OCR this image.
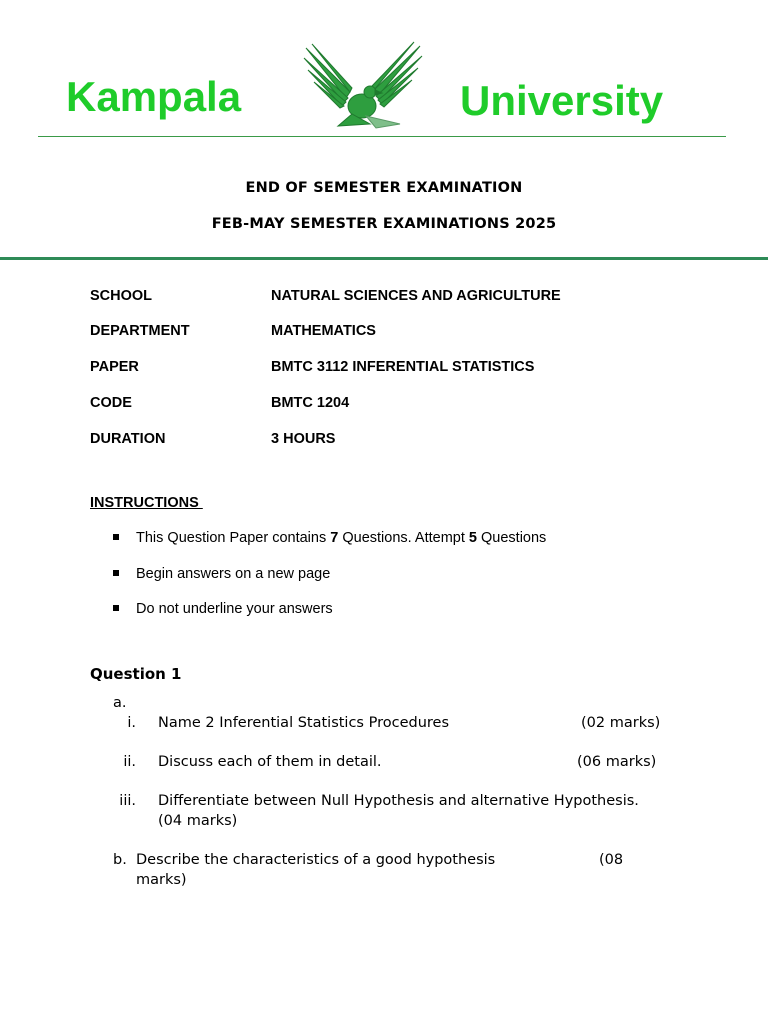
Kampala	University
END OF SEMESTER EXAMINATION
FEB-MAY SEMESTER EXAMINATIONS 2025
SCHOOL	NATURAL SCIENCES AND AGRICULTURE
DEPARTMENT	MATHEMATICS
PAPER	BMTC 3112 INFERENTIAL STATISTICS
CODE	BMTC 1204
DURATION	3 HOURS
INSTRUCTIONS
This Question Paper contains 7 Questions. Attempt 5 Questions
Begin answers on a new page
Do not underline your answers
Question 1
a.
i. Name 2 Inferential Statistics Procedures	(02 marks)
ii. Discuss each of them in detail.	(06 marks)
iii. Differentiate between Null Hypothesis and alternative Hypothesis.
(04 marks)
b. Describe the characteristics of a good hypothesis	(08
marks)
